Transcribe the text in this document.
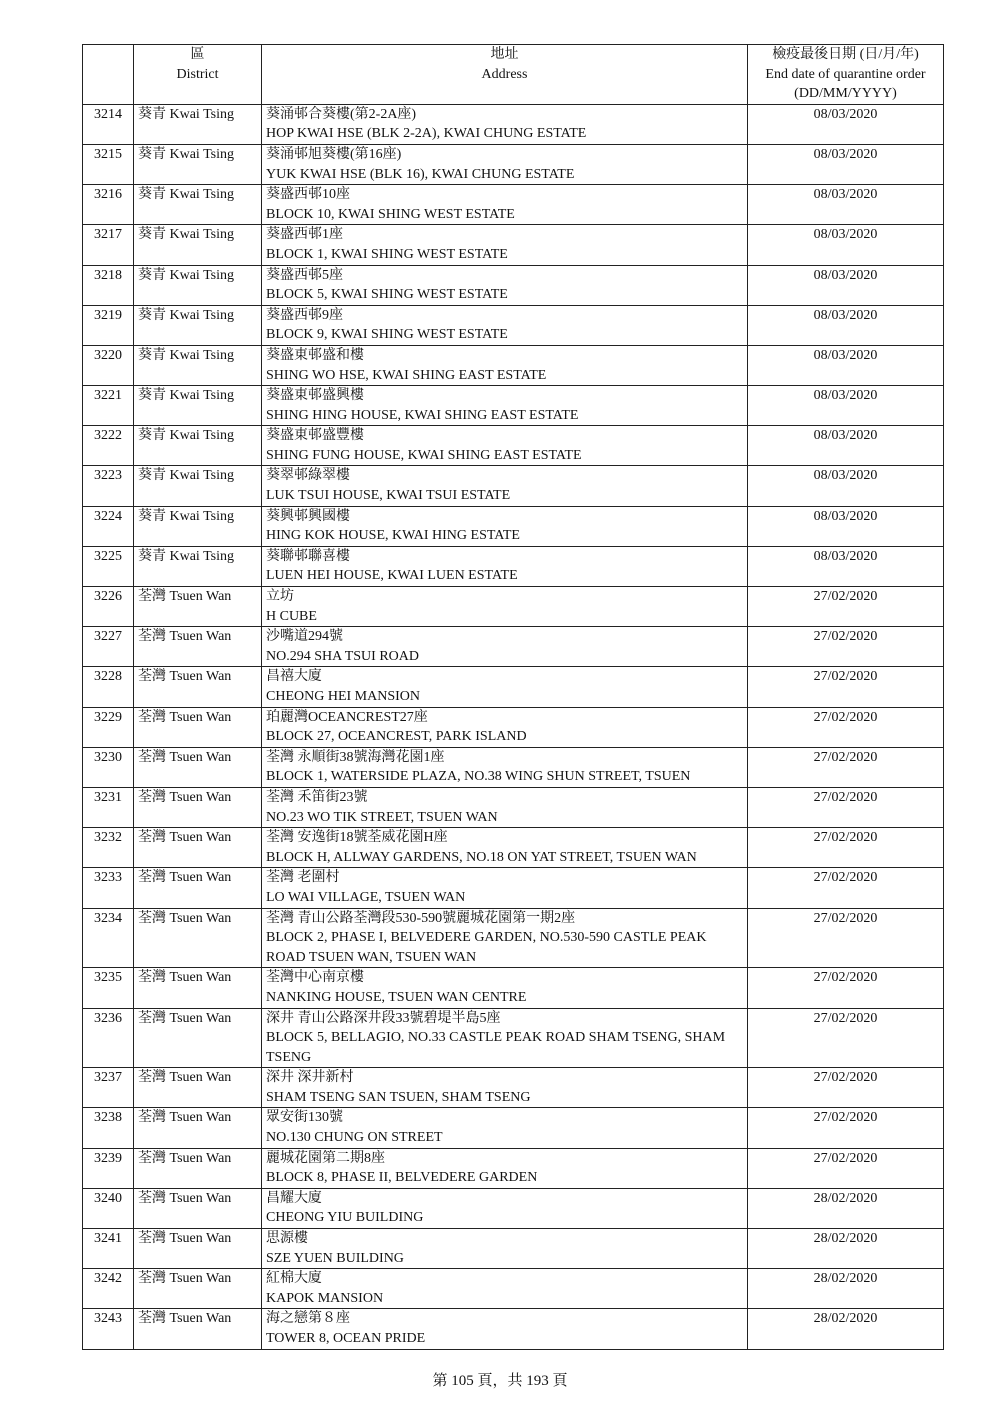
	區
District	地址
Address	檢疫最後日期 (日/月/年)
End date of quarantine order
(DD/MM/YYYY)

3214	葵青 Kwai Tsing	葵涌邨合葵樓(第2-2A座)
HOP KWAI HSE (BLK 2-2A), KWAI CHUNG ESTATE	08/03/2020
3215	葵青 Kwai Tsing	葵涌邨旭葵樓(第16座)
YUK KWAI HSE (BLK 16), KWAI CHUNG ESTATE	08/03/2020
3216	葵青 Kwai Tsing	葵盛西邨10座
BLOCK 10, KWAI SHING WEST ESTATE	08/03/2020
3217	葵青 Kwai Tsing	葵盛西邨1座
BLOCK 1, KWAI SHING WEST ESTATE	08/03/2020
3218	葵青 Kwai Tsing	葵盛西邨5座
BLOCK 5, KWAI SHING WEST ESTATE	08/03/2020
3219	葵青 Kwai Tsing	葵盛西邨9座
BLOCK 9, KWAI SHING WEST ESTATE	08/03/2020
3220	葵青 Kwai Tsing	葵盛東邨盛和樓
SHING WO HSE, KWAI SHING EAST ESTATE	08/03/2020
3221	葵青 Kwai Tsing	葵盛東邨盛興樓
SHING HING HOUSE, KWAI SHING EAST ESTATE	08/03/2020
3222	葵青 Kwai Tsing	葵盛東邨盛豐樓
SHING FUNG HOUSE, KWAI SHING EAST ESTATE	08/03/2020
3223	葵青 Kwai Tsing	葵翠邨綠翠樓
LUK TSUI HOUSE, KWAI TSUI ESTATE	08/03/2020
3224	葵青 Kwai Tsing	葵興邨興國樓
HING KOK HOUSE, KWAI HING ESTATE	08/03/2020
3225	葵青 Kwai Tsing	葵聯邨聯喜樓
LUEN HEI HOUSE, KWAI LUEN ESTATE	08/03/2020
3226	荃灣 Tsuen Wan	立坊
H CUBE	27/02/2020
3227	荃灣 Tsuen Wan	沙嘴道294號
NO.294 SHA TSUI ROAD	27/02/2020
3228	荃灣 Tsuen Wan	昌禧大廈
CHEONG HEI MANSION	27/02/2020
3229	荃灣 Tsuen Wan	珀麗灣OCEANCREST27座
BLOCK 27, OCEANCREST, PARK ISLAND	27/02/2020
3230	荃灣 Tsuen Wan	荃灣 永順街38號海灣花園1座
BLOCK 1, WATERSIDE PLAZA, NO.38 WING SHUN STREET, TSUEN	27/02/2020
3231	荃灣 Tsuen Wan	荃灣 禾笛街23號
NO.23 WO TIK STREET, TSUEN WAN	27/02/2020
3232	荃灣 Tsuen Wan	荃灣 安逸街18號荃威花園H座
BLOCK H, ALLWAY GARDENS, NO.18 ON YAT STREET, TSUEN WAN	27/02/2020
3233	荃灣 Tsuen Wan	荃灣 老圍村
LO WAI VILLAGE, TSUEN WAN	27/02/2020
3234	荃灣 Tsuen Wan	荃灣 青山公路荃灣段530-590號麗城花園第一期2座
BLOCK 2, PHASE I, BELVEDERE GARDEN, NO.530-590 CASTLE PEAK
ROAD TSUEN WAN, TSUEN WAN	27/02/2020
3235	荃灣 Tsuen Wan	荃灣中心南京樓
NANKING HOUSE, TSUEN WAN CENTRE	27/02/2020
3236	荃灣 Tsuen Wan	深井 青山公路深井段33號碧堤半島5座
BLOCK 5, BELLAGIO, NO.33 CASTLE PEAK ROAD SHAM TSENG, SHAM
TSENG	27/02/2020
3237	荃灣 Tsuen Wan	深井 深井新村
SHAM TSENG SAN TSUEN, SHAM TSENG	27/02/2020
3238	荃灣 Tsuen Wan	眾安街130號
NO.130 CHUNG ON STREET	27/02/2020
3239	荃灣 Tsuen Wan	麗城花園第二期8座
BLOCK 8, PHASE II, BELVEDERE GARDEN	27/02/2020
3240	荃灣 Tsuen Wan	昌耀大廈
CHEONG YIU BUILDING	28/02/2020
3241	荃灣 Tsuen Wan	思源樓
SZE YUEN BUILDING	28/02/2020
3242	荃灣 Tsuen Wan	紅棉大廈
KAPOK MANSION	28/02/2020
3243	荃灣 Tsuen Wan	海之戀第８座
TOWER 8, OCEAN PRIDE	28/02/2020
第 105 頁，共 193 頁
